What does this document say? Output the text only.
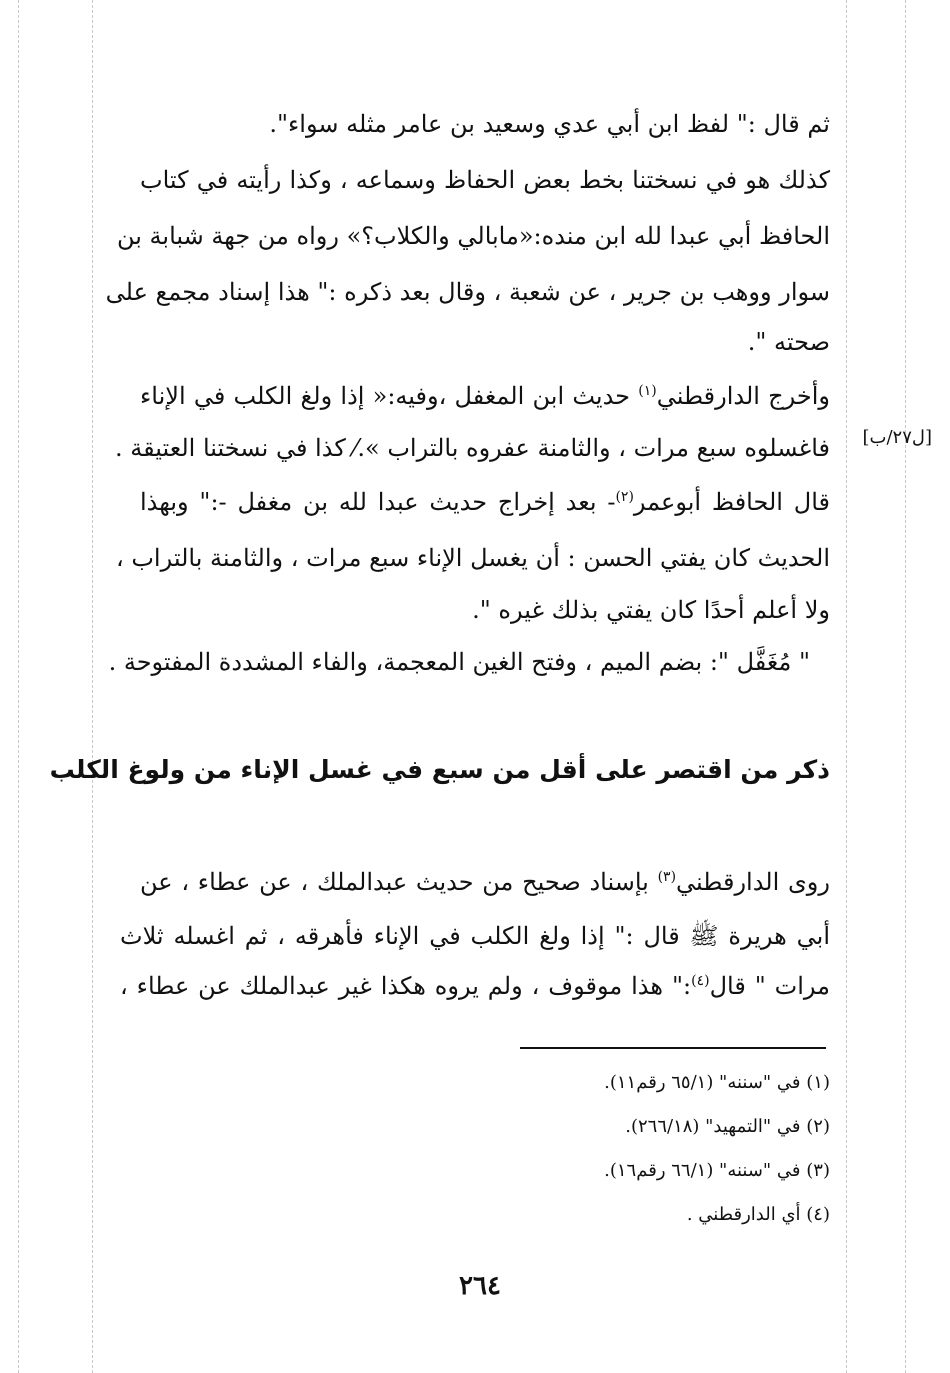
ثم قال :" لفظ ابن أبي عدي وسعيد بن عامر مثله سواء".
كذلك هو في نسختنا بخط بعض الحفاظ وسماعه ، وكذا رأيته في كتاب
الحافظ أبي عبدا لله ابن منده:«مابالي والكلاب؟» رواه من جهة شبابة بن
سوار ووهب بن جرير ، عن شعبة ، وقال بعد ذكره :" هذا إسناد مجمع على
صحته ".
وأخرج الدارقطني$^{(١)}$ حديث ابن المغفل ،وفيه:« إذا ولغ الكلب في الإناء
فاغسلوه سبع مرات ، والثامنة عفروه بالتراب ».⁄ كذا في نسختنا العتيقة .	[ل٢٧/ب]
قال الحافظ أبوعمر$^{(٢)}$- بعد إخراج حديث عبدا لله بن مغفل -:" وبهذا
الحديث كان يفتي الحسن : أن يغسل الإناء سبع مرات ، والثامنة بالتراب ،
ولا أعلم أحدًا كان يفتي بذلك غيره ".
" مُغَفَّل ": بضم الميم ، وفتح الغين المعجمة، والفاء المشددة المفتوحة .
ذكر من اقتصر على أقل من سبع في غسل الإناء من ولوغ الكلب
روى الدارقطني$^{(٣)}$ بإسناد صحيح من حديث عبدالملك ، عن عطاء ، عن
أبي هريرة ﷺ قال :" إذا ولغ الكلب في الإناء فأهرقه ، ثم اغسله ثلاث
مرات " قال$^{(٤)}$:" هذا موقوف ، ولم يروه هكذا غير عبدالملك عن عطاء ،
(١) في "سننه" (٦٥/١ رقم١١).
(٢) في "التمهيد" (٢٦٦/١٨).
(٣) في "سننه" (٦٦/١ رقم١٦).
(٤) أي الدارقطني .
٢٦٤
